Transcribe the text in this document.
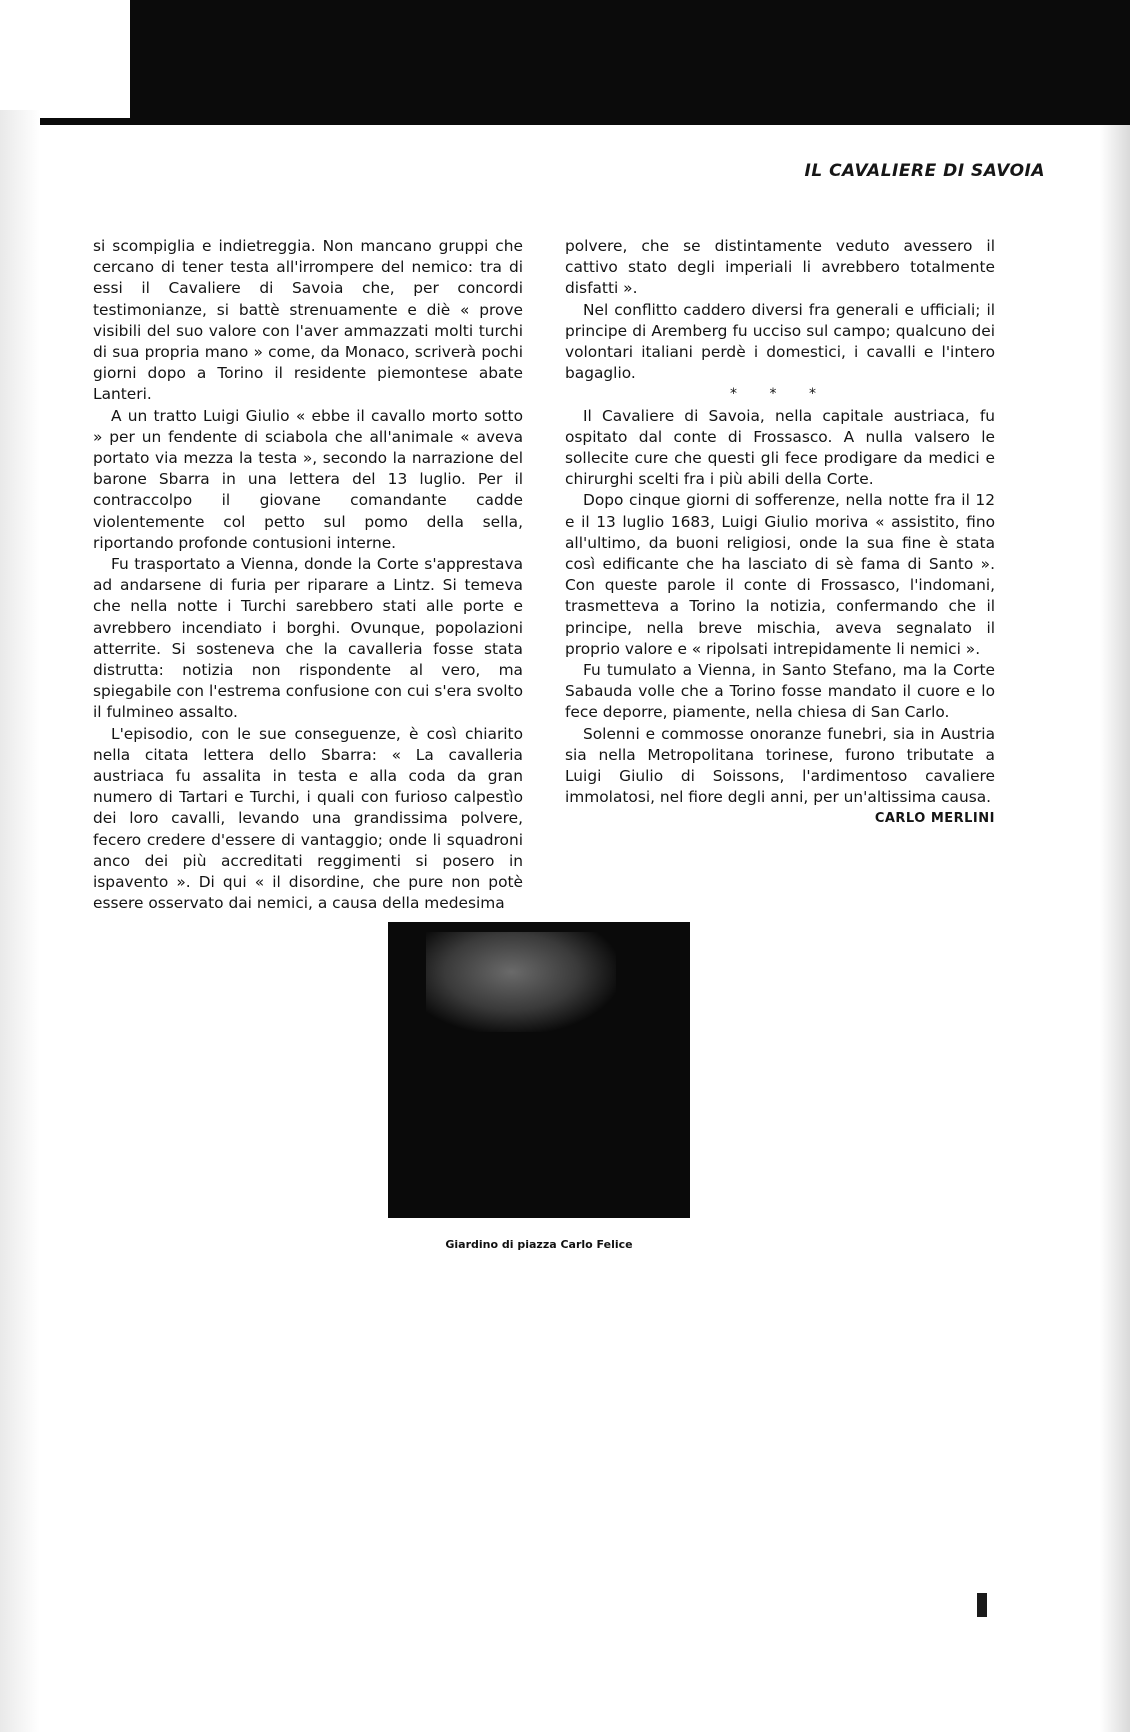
IL CAVALIERE DI SAVOIA

si scompiglia e indietreggia. Non mancano gruppi che cercano di tener testa all'irrompere del nemico: tra di essi il Cavaliere di Savoia che, per concordi testimonianze, si battè strenuamente e diè « prove visibili del suo valore con l'aver ammazzati molti turchi di sua propria mano » come, da Monaco, scriverà pochi giorni dopo a Torino il residente piemontese abate Lanteri.

A un tratto Luigi Giulio « ebbe il cavallo morto sotto » per un fendente di sciabola che all'animale « aveva portato via mezza la testa », secondo la narrazione del barone Sbarra in una lettera del 13 luglio. Per il contraccolpo il giovane comandante cadde violentemente col petto sul pomo della sella, riportando profonde contusioni interne.

Fu trasportato a Vienna, donde la Corte s'apprestava ad andarsene di furia per riparare a Lintz. Si temeva che nella notte i Turchi sarebbero stati alle porte e avrebbero incendiato i borghi. Ovunque, popolazioni atterrite. Si sosteneva che la cavalleria fosse stata distrutta: notizia non rispondente al vero, ma spiegabile con l'estrema confusione con cui s'era svolto il fulmineo assalto.

L'episodio, con le sue conseguenze, è così chiarito nella citata lettera dello Sbarra: « La cavalleria austriaca fu assalita in testa e alla coda da gran numero di Tartari e Turchi, i quali con furioso calpestìo dei loro cavalli, levando una grandissima polvere, fecero credere d'essere di vantaggio; onde li squadroni anco dei più accreditati reggimenti si posero in ispavento ». Di qui « il disordine, che pure non potè essere osservato dai nemici, a causa della medesima

polvere, che se distintamente veduto avessero il cattivo stato degli imperiali li avrebbero totalmente disfatti ».

Nel conflitto caddero diversi fra generali e ufficiali; il principe di Aremberg fu ucciso sul campo; qualcuno dei volontari italiani perdè i domestici, i cavalli e l'intero bagaglio.

* * *

Il Cavaliere di Savoia, nella capitale austriaca, fu ospitato dal conte di Frossasco. A nulla valsero le sollecite cure che questi gli fece prodigare da medici e chirurghi scelti fra i più abili della Corte.

Dopo cinque giorni di sofferenze, nella notte fra il 12 e il 13 luglio 1683, Luigi Giulio moriva « assistito, fino all'ultimo, da buoni religiosi, onde la sua fine è stata così edificante che ha lasciato di sè fama di Santo ». Con queste parole il conte di Frossasco, l'indomani, trasmetteva a Torino la notizia, confermando che il principe, nella breve mischia, aveva segnalato il proprio valore e « ripolsati intrepidamente li nemici ».

Fu tumulato a Vienna, in Santo Stefano, ma la Corte Sabauda volle che a Torino fosse mandato il cuore e lo fece deporre, piamente, nella chiesa di San Carlo.

Solenni e commosse onoranze funebri, sia in Austria sia nella Metropolitana torinese, furono tributate a Luigi Giulio di Soissons, l'ardimentoso cavaliere immolatosi, nel fiore degli anni, per un'altissima causa.

CARLO MERLINI

Giardino di piazza Carlo Felice
